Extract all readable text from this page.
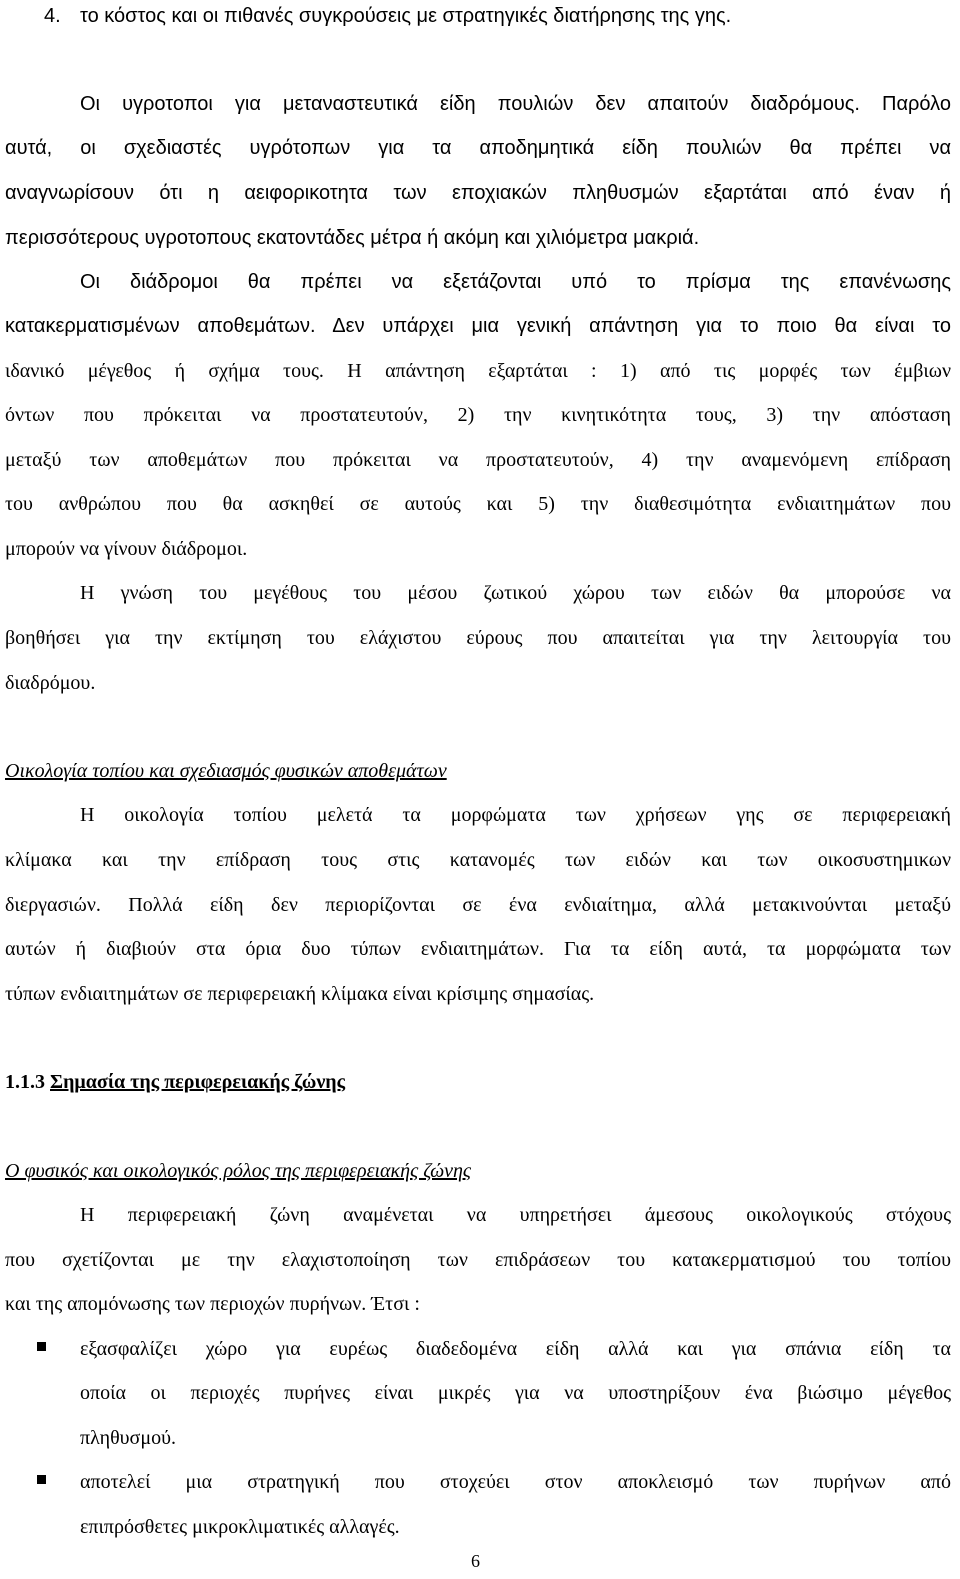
4. το κόστος και οι πιθανές συγκρούσεις με στρατηγικές διατήρησης της γης.
Οι υγροτοποι για μεταναστευτικά είδη πουλιών δεν απαιτούν διαδρόμους. Παρόλο
αυτά, οι σχεδιαστές υγρότοπων για τα αποδημητικά είδη πουλιών θα πρέπει να
αναγνωρίσουν ότι η αειφορικοτητα των εποχιακών πληθυσμών εξαρτάται από έναν ή
περισσότερους υγροτοπους εκατοντάδες μέτρα ή ακόμη και χιλιόμετρα μακριά.
Οι διάδρομοι θα πρέπει να εξετάζονται υπό το πρίσμα της επανένωσης
κατακερματισμένων αποθεμάτων. Δεν υπάρχει μια γενική απάντηση για το ποιο θα είναι το
ιδανικό μέγεθος ή σχήμα τους. Η απάντηση εξαρτάται : 1) από τις μορφές των έμβιων
όντων που πρόκειται να προστατευτούν, 2) την κινητικότητα τους, 3) την απόσταση
μεταξύ των αποθεμάτων που πρόκειται να προστατευτούν, 4) την αναμενόμενη επίδραση
του ανθρώπου που θα ασκηθεί σε αυτούς και 5) την διαθεσιμότητα ενδιαιτημάτων που
μπορούν να γίνουν διάδρομοι.
Η γνώση του μεγέθους του μέσου ζωτικού χώρου των ειδών θα μπορούσε να
βοηθήσει για την εκτίμηση του ελάχιστου εύρους που απαιτείται για την λειτουργία του
διαδρόμου.
Οικολογία τοπίου και σχεδιασμός φυσικών αποθεμάτων
Η οικολογία τοπίου μελετά τα μορφώματα των χρήσεων γης σε περιφερειακή
κλίμακα και την επίδραση τους στις κατανομές των ειδών και των οικοσυστημικων
διεργασιών. Πολλά είδη δεν περιορίζονται σε ένα ενδιαίτημα, αλλά μετακινούνται μεταξύ
αυτών ή διαβιούν στα όρια δυο τύπων ενδιαιτημάτων. Για τα είδη αυτά, τα μορφώματα των
τύπων ενδιαιτημάτων σε περιφερειακή κλίμακα είναι κρίσιμης σημασίας.
1.1.3 Σημασία της περιφερειακής ζώνης
Ο φυσικός και οικολογικός ρόλος της περιφερειακής ζώνης
Η περιφερειακή ζώνη αναμένεται να υπηρετήσει άμεσους οικολογικούς στόχους
που σχετίζονται με την ελαχιστοποίηση των επιδράσεων του κατακερματισμού του τοπίου
και της απομόνωσης των περιοχών πυρήνων. Έτσι :
εξασφαλίζει χώρο για ευρέως διαδεδομένα είδη αλλά και για σπάνια είδη τα
οποία οι περιοχές πυρήνες είναι μικρές για να υποστηρίξουν ένα βιώσιμο μέγεθος
πληθυσμού.
αποτελεί μια στρατηγική που στοχεύει στον αποκλεισμό των πυρήνων από
επιπρόσθετες μικροκλιματικές αλλαγές.
6
